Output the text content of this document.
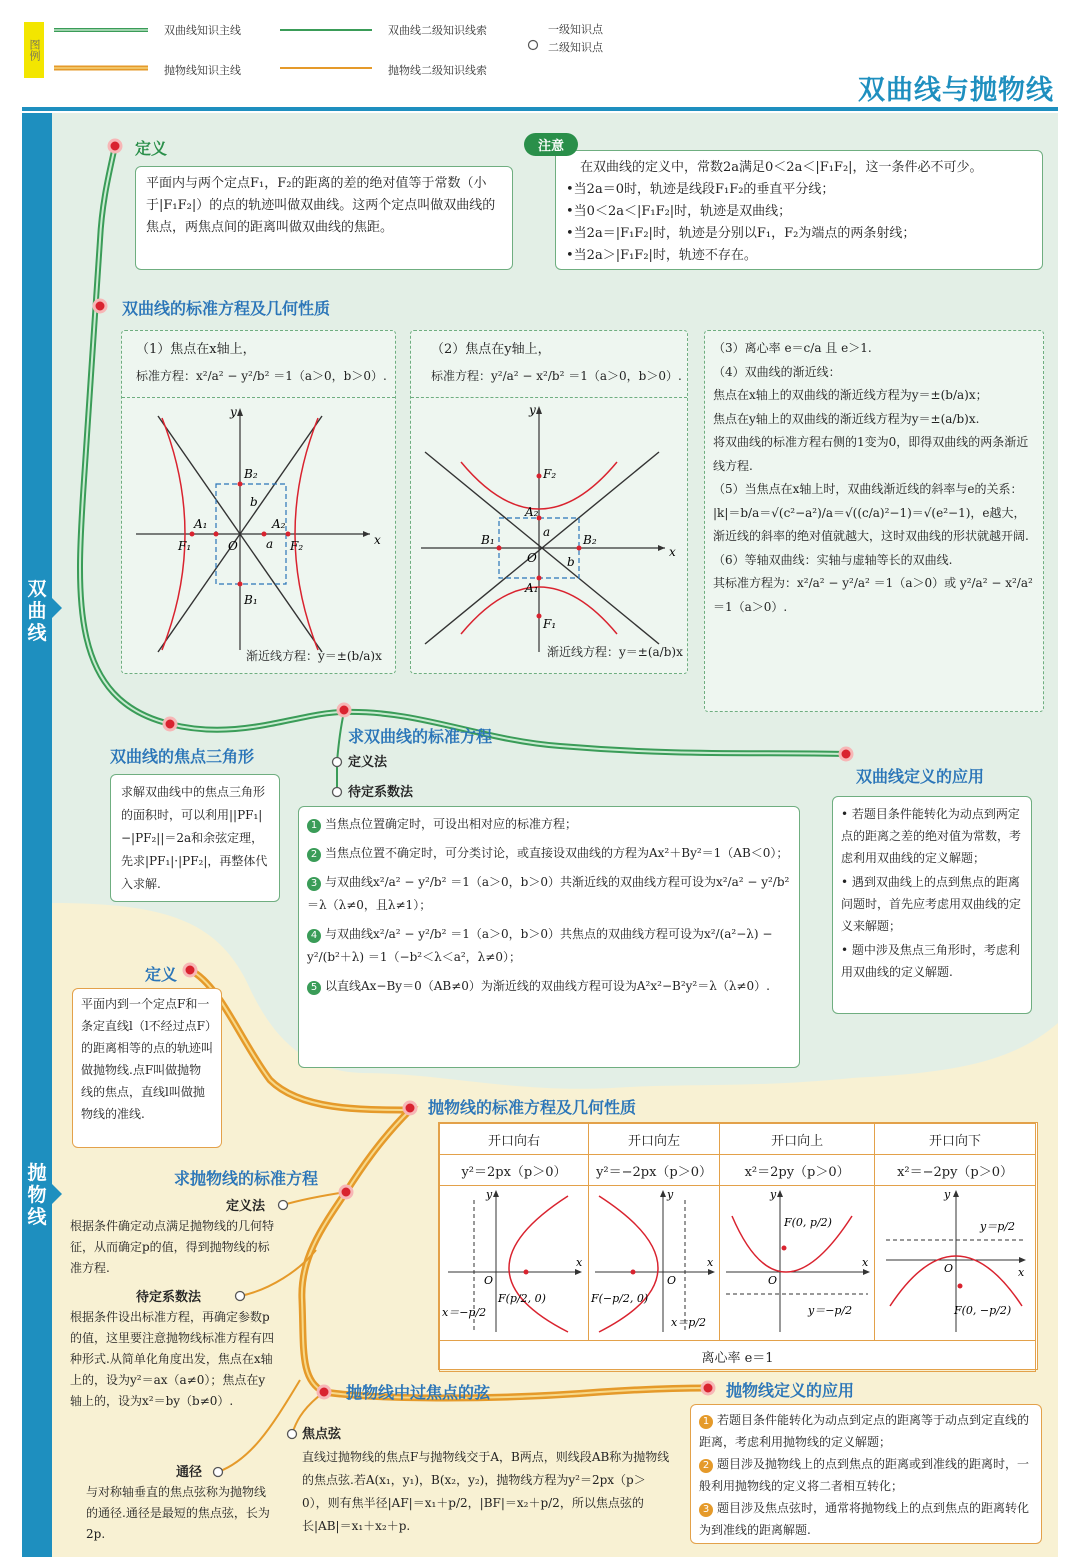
图例
双曲线知识主线	双曲线二级知识线索
抛物线知识主线	抛物线二级知识线索
一级知识点
二级知识点
双曲线与抛物线
双曲线
抛物线
定义
平面内与两个定点F₁，F₂的距离的差的绝对值等于常数（小于|F₁F₂|）的点的轨迹叫做双曲线。这两个定点叫做双曲线的焦点，两焦点间的距离叫做双曲线的焦距。
在双曲线的定义中，常数2a满足0＜2a＜|F₁F₂|，这一条件必不可少。
•当2a＝0时，轨迹是线段F₁F₂的垂直平分线；
•当0＜2a＜|F₁F₂|时，轨迹是双曲线；
•当2a＝|F₁F₂|时，轨迹是分别以F₁，F₂为端点的两条射线；
•当2a＞|F₁F₂|时，轨迹不存在。
注意
双曲线的标准方程及几何性质
（1）焦点在x轴上，
标准方程：x²/a² − y²/b² ＝1（a＞0，b＞0）.
x
y
O
B₂
B₁
A₁	A₂
F₁	F₂
b
a
渐近线方程：y＝±(b/a)x
（2）焦点在y轴上，
标准方程：y²/a² − x²/b² ＝1（a＞0，b＞0）.
x
y
O
F₂
F₁
A₂
A₁
B₁	B₂
a
b
渐近线方程：y＝±(a/b)x
（3）离心率 e＝c/a 且 e＞1.
（4）双曲线的渐近线：
焦点在x轴上的双曲线的渐近线方程为y＝±(b/a)x；
焦点在y轴上的双曲线的渐近线方程为y＝±(a/b)x.
将双曲线的标准方程右侧的1变为0，即得双曲线的两条渐近线方程.
（5）当焦点在x轴上时，双曲线渐近线的斜率与e的关系：
|k|＝b/a＝√(c²−a²)/a＝√((c/a)²−1)＝√(e²−1)，e越大，
渐近线的斜率的绝对值就越大，这时双曲线的形状就越开阔.
（6）等轴双曲线：实轴与虚轴等长的双曲线.
其标准方程为：x²/a² − y²/a² ＝1（a＞0）或 y²/a² − x²/a² ＝1（a＞0）.
双曲线的焦点三角形
求解双曲线中的焦点三角形的面积时，可以利用||PF₁|−|PF₂||＝2a和余弦定理，先求|PF₁|·|PF₂|，再整体代入求解.
求双曲线的标准方程
定义法
待定系数法
1 当焦点位置确定时，可设出相对应的标准方程；
2 当焦点位置不确定时，可分类讨论，或直接设双曲线的方程为Ax²＋By²＝1（AB＜0）；
3 与双曲线x²/a² − y²/b² ＝1（a＞0，b＞0）共渐近线的双曲线方程可设为x²/a² − y²/b² ＝λ（λ≠0，且λ≠1）；
4 与双曲线x²/a² − y²/b² ＝1（a＞0，b＞0）共焦点的双曲线方程可设为x²/(a²−λ) − y²/(b²＋λ) ＝1（−b²＜λ＜a²，λ≠0）；
5 以直线Ax−By＝0（AB≠0）为渐近线的双曲线方程可设为A²x²−B²y²＝λ（λ≠0）.
双曲线定义的应用
• 若题目条件能转化为动点到两定点的距离之差的绝对值为常数，考虑利用双曲线的定义解题；
• 遇到双曲线上的点到焦点的距离问题时，首先应考虑用双曲线的定义来解题；
• 题中涉及焦点三角形时，考虑利用双曲线的定义解题.
定义
平面内到一个定点F和一条定直线l（l不经过点F）的距离相等的点的轨迹叫做抛物线.点F叫做抛物线的焦点，直线l叫做抛物线的准线.	抛物线的标准方程及几何性质
开口向右	开口向左	开口向上	开口向下
y²＝2px（p＞0）	y²＝−2px（p＞0）	x²＝2py（p＞0）	x²＝−2py（p＞0）

x
y
O
F(p/2, 0)
x＝−p/2	x
y
O
F(−p/2, 0)
x＝p/2	x
y
O
F(0, p/2)
y＝−p/2	x
y
O
F(0, −p/2)
y＝p/2

离心率 e＝1			
求抛物线的标准方程
定义法
根据条件确定动点满足抛物线的几何特征，从而确定p的值，得到抛物线的标准方程.
待定系数法
根据条件设出标准方程，再确定参数p的值，这里要注意抛物线标准方程有四种形式.从简单化角度出发，焦点在x轴上的，设为y²＝ax（a≠0）；焦点在y轴上的，设为x²＝by（b≠0）.
通径
与对称轴垂直的焦点弦称为抛物线的通径.通径是最短的焦点弦，长为2p.
抛物线中过焦点的弦
焦点弦
直线过抛物线的焦点F与抛物线交于A，B两点，则线段AB称为抛物线的焦点弦.若A(x₁，y₁)，B(x₂，y₂)，抛物线方程为y²＝2px（p＞0），则有焦半径|AF|＝x₁＋p/2，|BF|＝x₂＋p/2，所以焦点弦的长|AB|＝x₁＋x₂＋p.
抛物线定义的应用
1 若题目条件能转化为动点到定点的距离等于动点到定直线的距离，考虑利用抛物线的定义解题；
2 题目涉及抛物线上的点到焦点的距离或到准线的距离时，一般利用抛物线的定义将二者相互转化；
3 题目涉及焦点弦时，通常将抛物线上的点到焦点的距离转化为到准线的距离解题.
